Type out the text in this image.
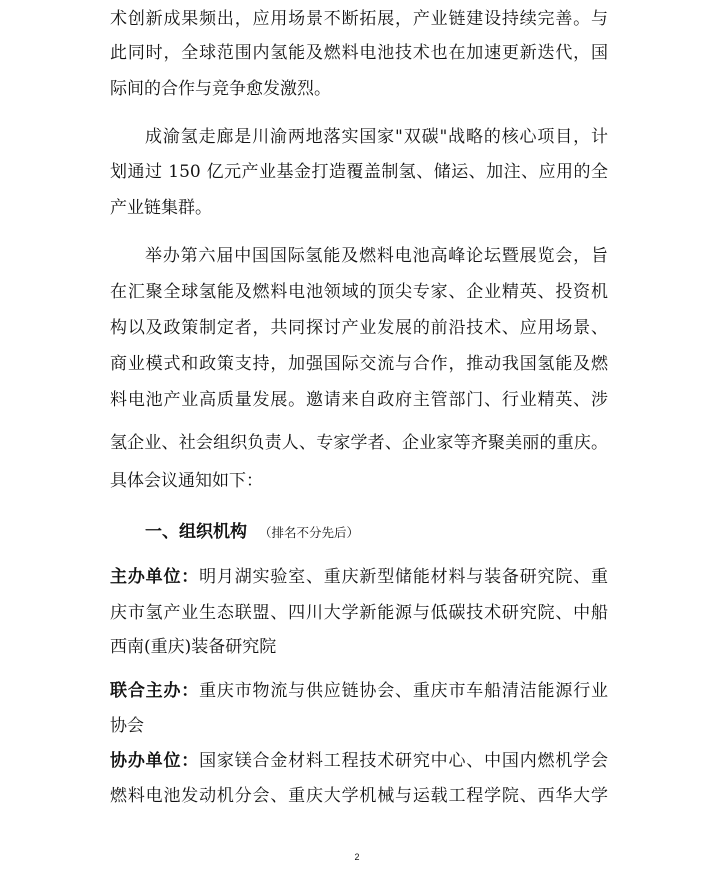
术创新成果频出，应用场景不断拓展，产业链建设持续完善。与

此同时，全球范围内氢能及燃料电池技术也在加速更新迭代，国

际间的合作与竞争愈发激烈。

成渝氢走廊是川渝两地落实国家"双碳"战略的核心项目，计

划通过 150 亿元产业基金打造覆盖制氢、储运、加注、应用的全

产业链集群。

举办第六届中国国际氢能及燃料电池高峰论坛暨展览会，旨

在汇聚全球氢能及燃料电池领域的顶尖专家、企业精英、投资机

构以及政策制定者，共同探讨产业发展的前沿技术、应用场景、

商业模式和政策支持，加强国际交流与合作，推动我国氢能及燃

料电池产业高质量发展。邀请来自政府主管部门、行业精英、涉

氢企业、社会组织负责人、专家学者、企业家等齐聚美丽的重庆。

具体会议通知如下：

一、组织机构 （排名不分先后）

主办单位：明月湖实验室、重庆新型储能材料与装备研究院、重

庆市氢产业生态联盟、四川大学新能源与低碳技术研究院、中船

西南(重庆)装备研究院

联合主办：重庆市物流与供应链协会、重庆市车船清洁能源行业

协会

协办单位：国家镁合金材料工程技术研究中心、中国内燃机学会

燃料电池发动机分会、重庆大学机械与运载工程学院、西华大学

2
